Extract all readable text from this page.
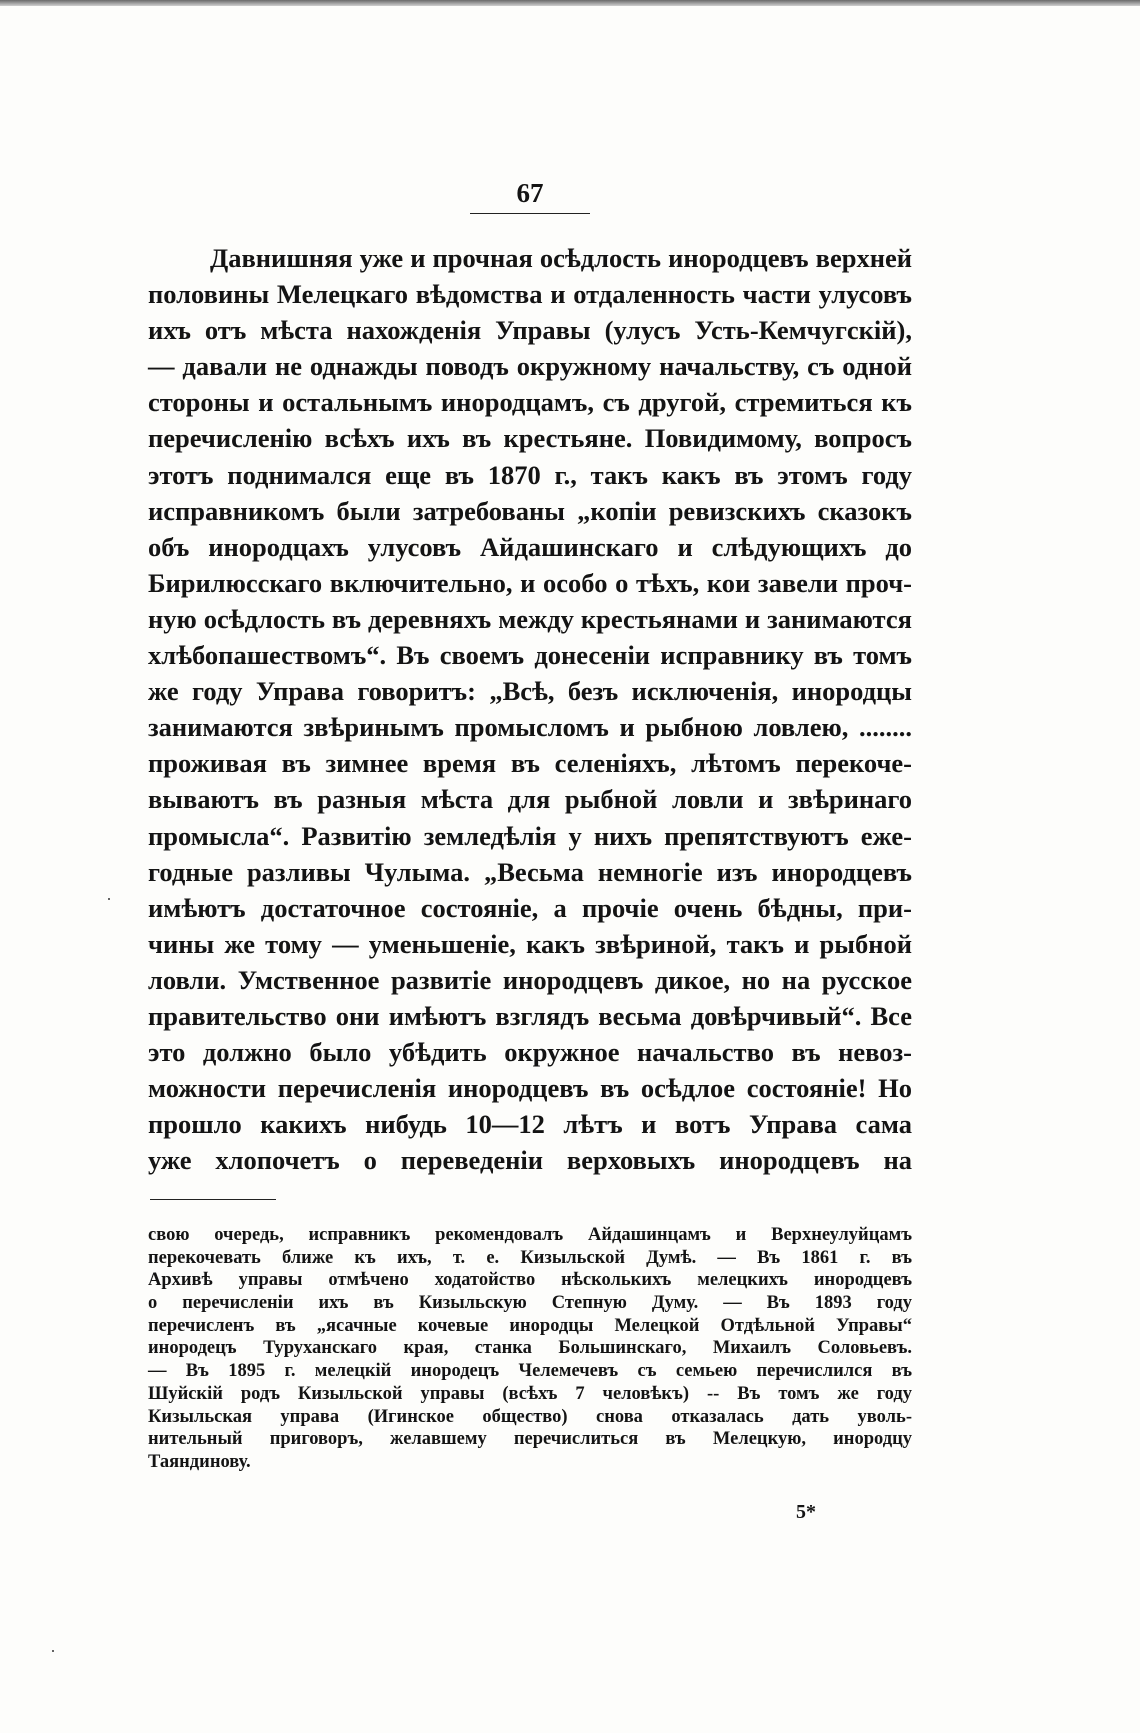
67
Давнишняя уже и прочная осѣдлость инородцевъ верхней
половины Мелецкаго вѣдомства и отдаленность части улусовъ
ихъ отъ мѣста нахожденія Управы (улусъ Усть-Кемчугскій),
— давали не однажды поводъ окружному начальству, съ одной
стороны и остальнымъ инородцамъ, съ другой, стремиться къ
перечисленію всѣхъ ихъ въ крестьяне. Повидимому, вопросъ
этотъ поднимался еще въ 1870 г., такъ какъ въ этомъ году
исправникомъ были затребованы „копіи ревизскихъ сказокъ
объ инородцахъ улусовъ Айдашинскаго и слѣдующихъ до
Бирилюсскаго включительно, и особо о тѣхъ, кои завели проч-
ную осѣдлость въ деревняхъ между крестьянами и занимаются
хлѣбопашествомъ“. Въ своемъ донесеніи исправнику въ томъ
же году Управа говоритъ: „Всѣ, безъ исключенія, инородцы
занимаются звѣринымъ промысломъ и рыбною ловлею, ........
проживая въ зимнее время въ селеніяхъ, лѣтомъ перекоче-
вываютъ въ разныя мѣста для рыбной ловли и звѣринаго
промысла“. Развитію земледѣлія у нихъ препятствуютъ еже-
годные разливы Чулыма. „Весьма немногіе изъ инородцевъ
имѣютъ достаточное состояніе, а прочіе очень бѣдны, при-
чины же тому — уменьшеніе, какъ звѣриной, такъ и рыбной
ловли. Умственное развитіе инородцевъ дикое, но на русское
правительство они имѣютъ взглядъ весьма довѣрчивый“. Все
это должно было убѣдить окружное начальство въ невоз-
можности перечисленія инородцевъ въ осѣдлое состояніе! Но
прошло какихъ нибудь 10—12 лѣтъ и вотъ Управа сама
уже хлопочетъ о переведеніи верховыхъ инородцевъ на
свою очередь, исправникъ рекомендовалъ Айдашинцамъ и Верхнеулуйцамъ
перекочевать ближе къ ихъ, т. е. Кизыльской Думѣ. — Въ 1861 г. въ
Архивѣ управы отмѣчено ходатойство нѣсколькихъ мелецкихъ инородцевъ
о перечисленіи ихъ въ Кизыльскую Степную Думу. — Въ 1893 году
перечисленъ въ „ясачные кочевые инородцы Мелецкой Отдѣльной Управы“
инородецъ Туруханскаго края, станка Большинскаго, Михаилъ Соловьевъ.
— Въ 1895 г. мелецкій инородецъ Челемечевъ съ семьею перечислился въ
Шуйскій родъ Кизыльской управы (всѣхъ 7 человѣкъ) -- Въ томъ же году
Кизыльская управа (Игинское общество) снова отказалась дать уволь-
нительный приговоръ, желавшему перечислиться въ Мелецкую, инородцу
Таяндинову.
5*
